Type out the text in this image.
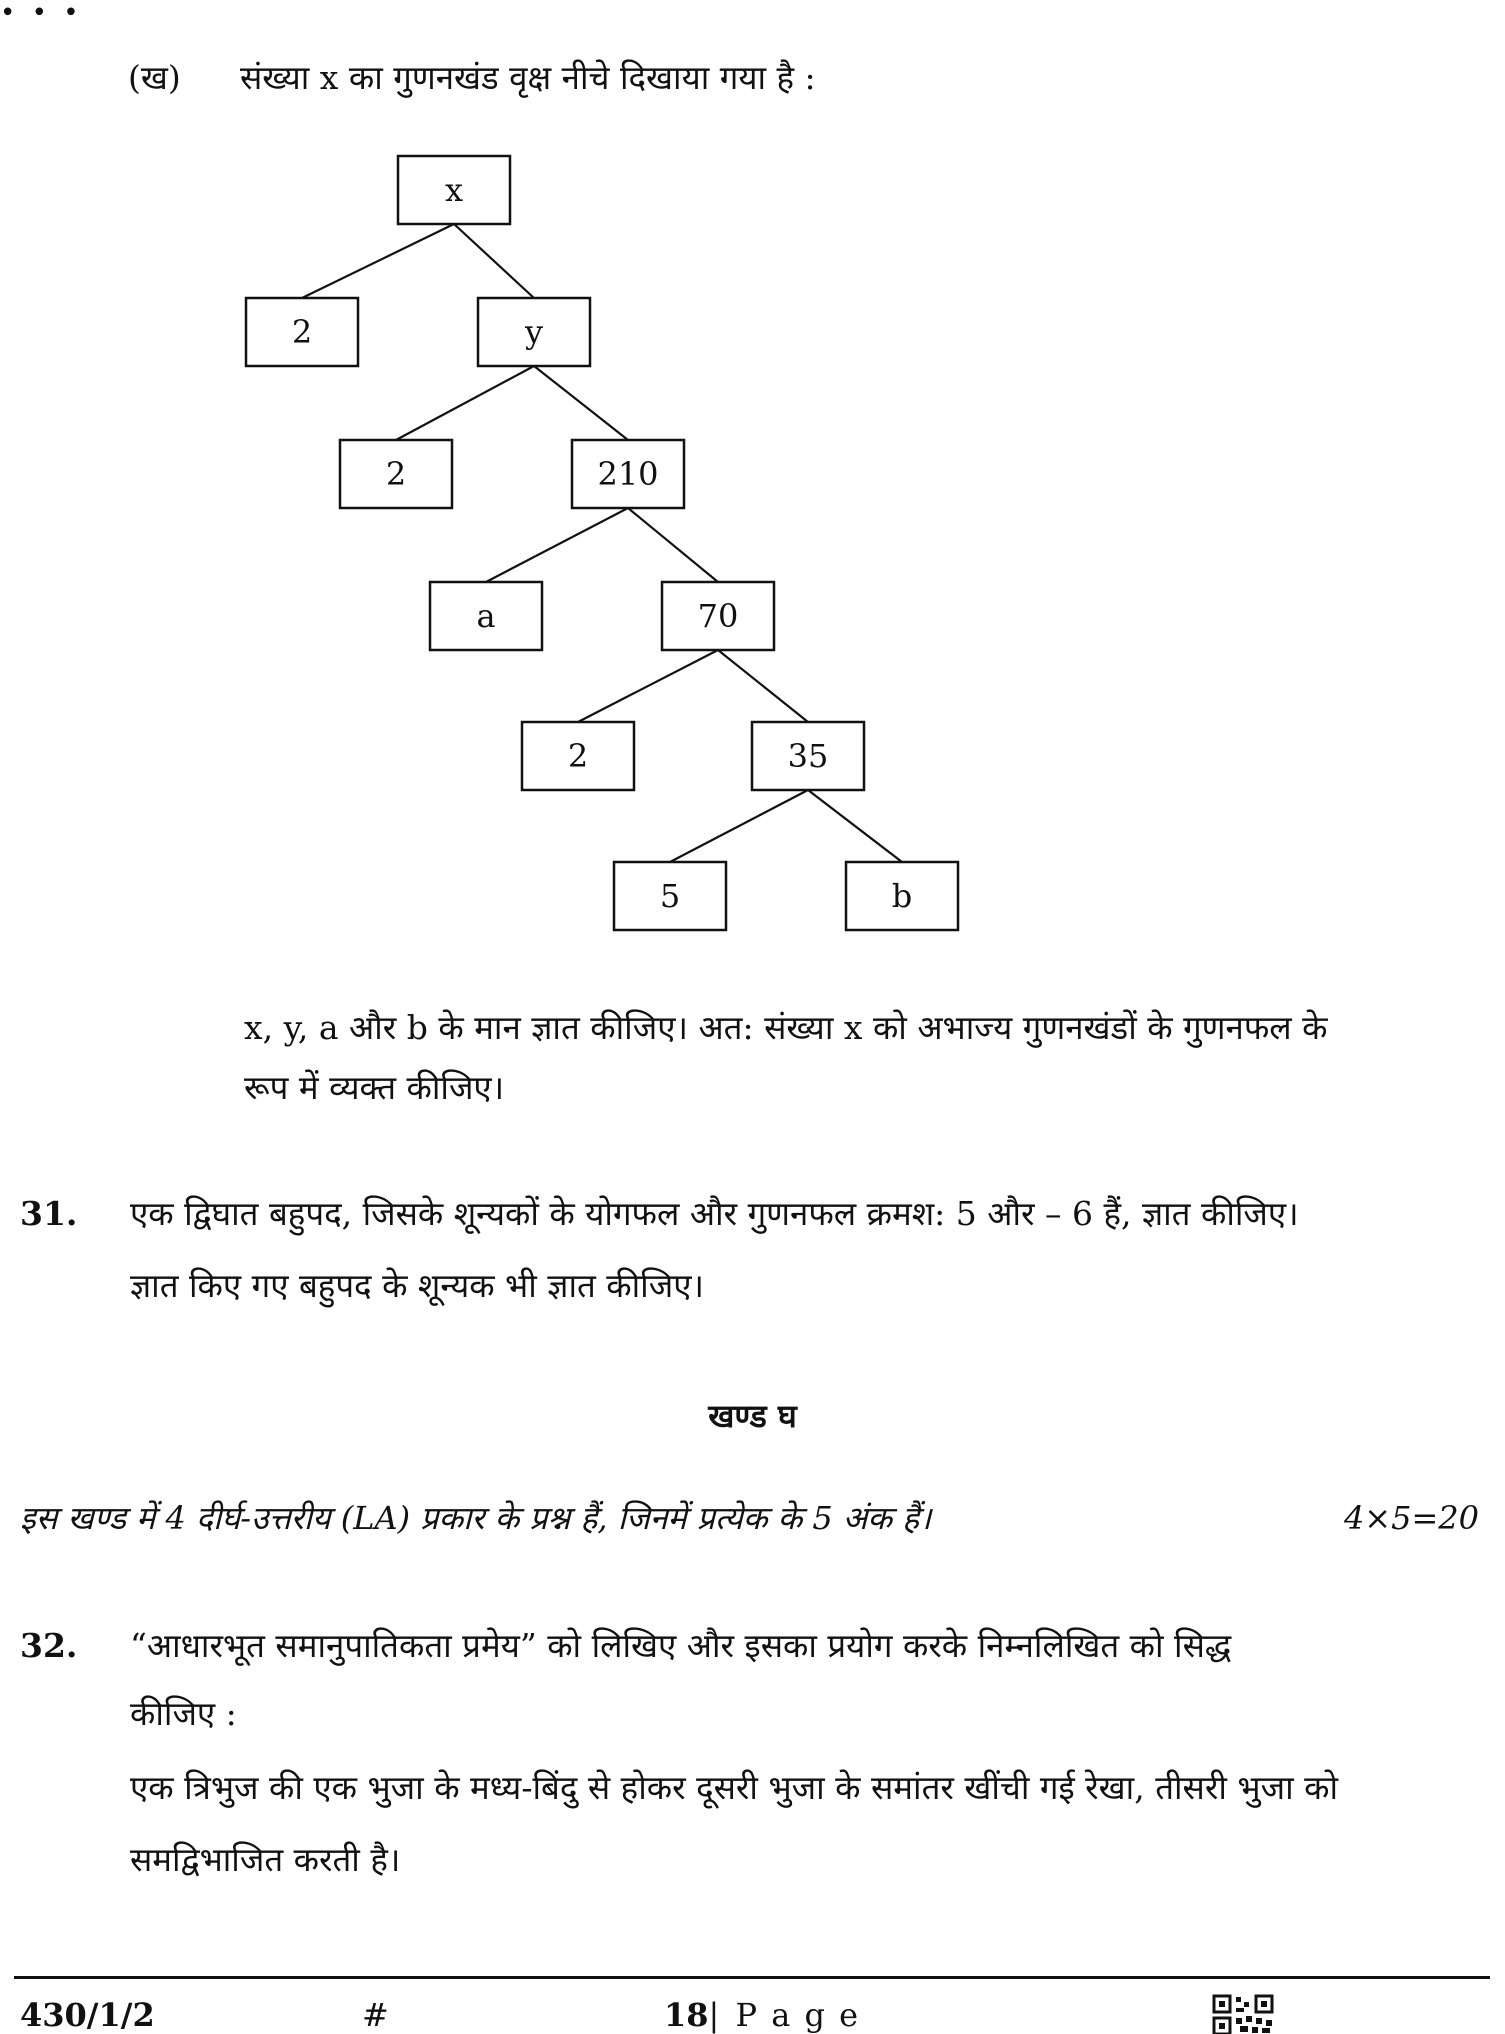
• • •
(ख) संख्या x का गुणनखंड वृक्ष नीचे दिखाया गया है :
x
2	y
2	210
a	70
2	35
5	b
x, y, a और b के मान ज्ञात कीजिए। अत: संख्या x को अभाज्य गुणनखंडों के गुणनफल के
रूप में व्यक्त कीजिए।
31. एक द्विघात बहुपद, जिसके शून्यकों के योगफल और गुणनफल क्रमश: 5 और – 6 हैं, ज्ञात कीजिए।
ज्ञात किए गए बहुपद के शून्यक भी ज्ञात कीजिए।
खण्ड घ
इस खण्ड में 4 दीर्घ-उत्तरीय (LA) प्रकार के प्रश्न हैं, जिनमें प्रत्येक के 5 अंक हैं।	4×5=20
32. “आधारभूत समानुपातिकता प्रमेय” को लिखिए और इसका प्रयोग करके निम्नलिखित को सिद्ध
कीजिए :
एक त्रिभुज की एक भुजा के मध्य-बिंदु से होकर दूसरी भुजा के समांतर खींची गई रेखा, तीसरी भुजा को
समद्विभाजित करती है।
430/1/2	#	18| P a g e
